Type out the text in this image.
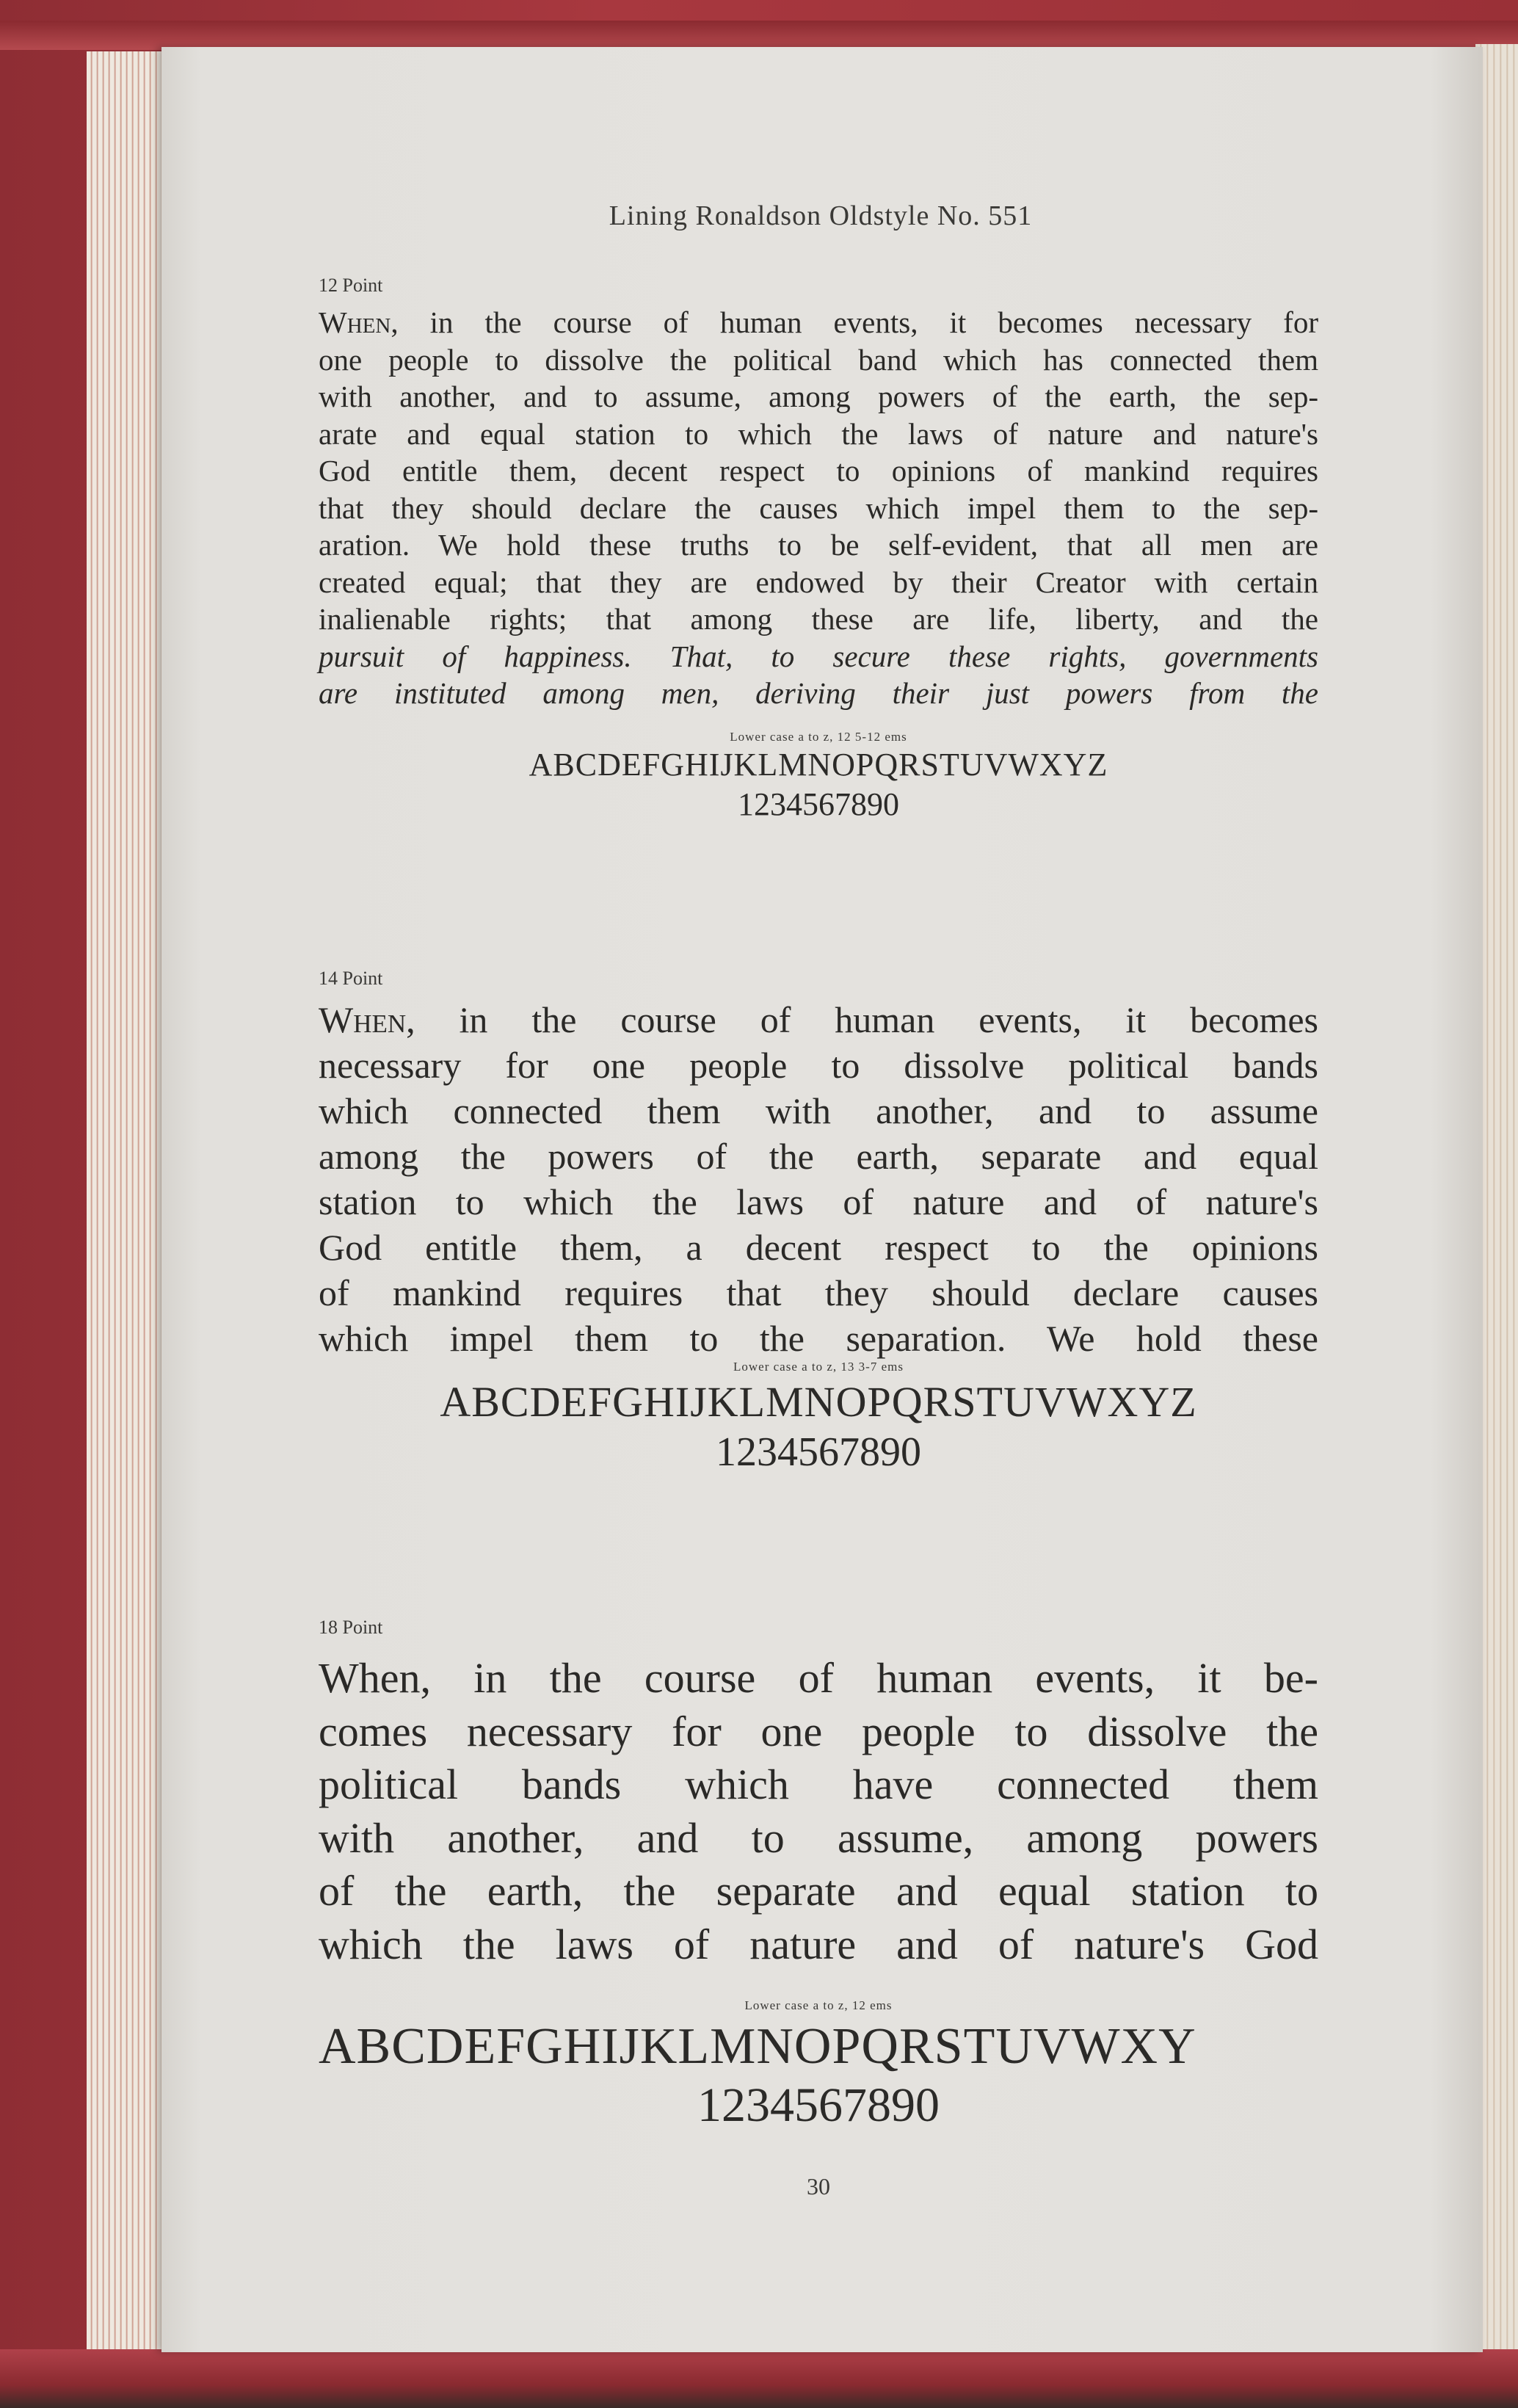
Lining Ronaldson Oldstyle No. 551
12 Point
When, in the course of human events, it becomes necessary for
one people to dissolve the political band which has connected them
with another, and to assume, among powers of the earth, the sep-
arate and equal station to which the laws of nature and nature's
God entitle them, decent respect to opinions of mankind requires
that they should declare the causes which impel them to the sep-
aration. We hold these truths to be self-evident, that all men are
created equal; that they are endowed by their Creator with certain
inalienable rights; that among these are life, liberty, and the
pursuit of happiness. That, to secure these rights, governments
are instituted among men, deriving their just powers from the
Lower case a to z, 12 5-12 ems
ABCDEFGHIJKLMNOPQRSTUVWXYZ
1234567890
14 Point
When, in the course of human events, it becomes
necessary for one people to dissolve political bands
which connected them with another, and to assume
among the powers of the earth, separate and equal
station to which the laws of nature and of nature's
God entitle them, a decent respect to the opinions
of mankind requires that they should declare causes
which impel them to the separation. We hold these
Lower case a to z, 13 3-7 ems
ABCDEFGHIJKLMNOPQRSTUVWXYZ
1234567890
18 Point
When, in the course of human events, it be-
comes necessary for one people to dissolve the
political bands which have connected them
with another, and to assume, among powers
of the earth, the separate and equal station to
which the laws of nature and of nature's God
Lower case a to z, 12 ems
ABCDEFGHIJKLMNOPQRSTUVWXY
1234567890
30
